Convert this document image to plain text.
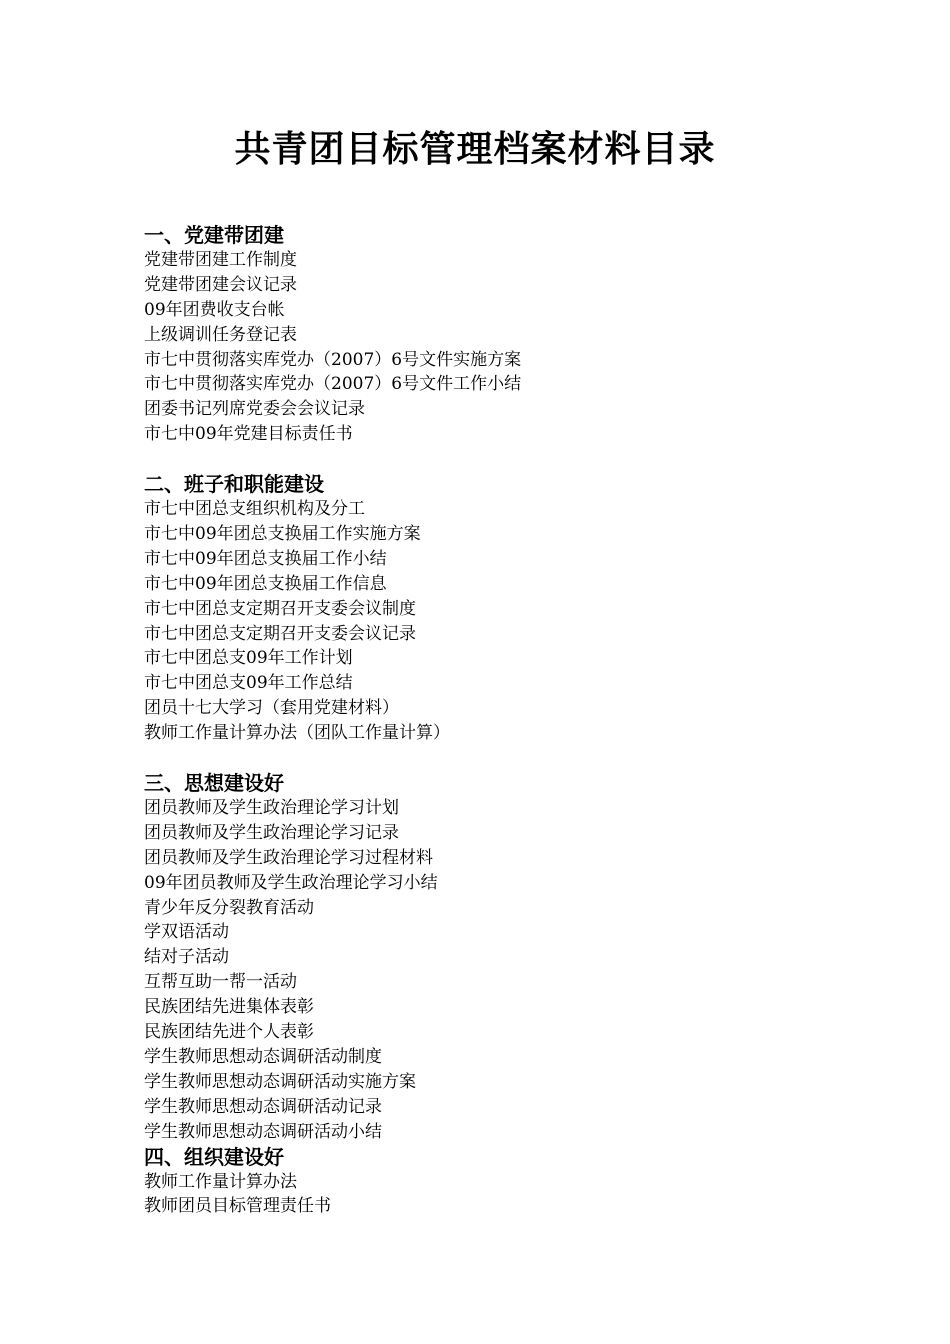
共青团目标管理档案材料目录
一、党建带团建
党建带团建工作制度
党建带团建会议记录
09年团费收支台帐
上级调训任务登记表
市七中贯彻落实库党办（2007）6号文件实施方案
市七中贯彻落实库党办（2007）6号文件工作小结
团委书记列席党委会会议记录
市七中09年党建目标责任书
二、班子和职能建设
市七中团总支组织机构及分工
市七中09年团总支换届工作实施方案
市七中09年团总支换届工作小结
市七中09年团总支换届工作信息
市七中团总支定期召开支委会议制度
市七中团总支定期召开支委会议记录
市七中团总支09年工作计划
市七中团总支09年工作总结
团员十七大学习（套用党建材料）
教师工作量计算办法（团队工作量计算）
三、思想建设好
团员教师及学生政治理论学习计划
团员教师及学生政治理论学习记录
团员教师及学生政治理论学习过程材料
09年团员教师及学生政治理论学习小结
青少年反分裂教育活动
学双语活动
结对子活动
互帮互助一帮一活动
民族团结先进集体表彰
民族团结先进个人表彰
学生教师思想动态调研活动制度
学生教师思想动态调研活动实施方案
学生教师思想动态调研活动记录
学生教师思想动态调研活动小结
四、组织建设好
教师工作量计算办法
教师团员目标管理责任书
